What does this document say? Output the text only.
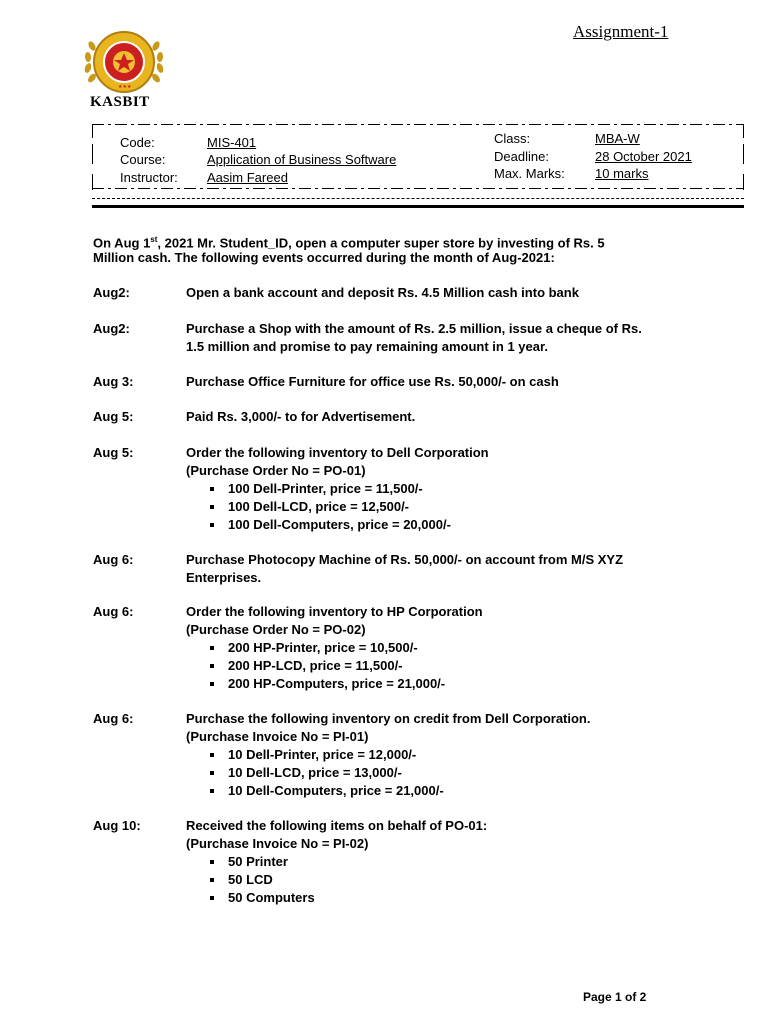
Assignment-1
★★★
KASBIT
Code:	MIS-401
Course:	Application of Business Software
Instructor: Aasim Fareed
Class:	MBA-W
Deadline:	28 October 2021
Max. Marks: 10 marks
On Aug 1st, 2021 Mr. Student_ID, open a computer super store by investing of Rs. 5
Million cash. The following events occurred during the month of Aug-2021:
Aug2:	Open a bank account and deposit Rs. 4.5 Million cash into bank
Aug2:	Purchase a Shop with the amount of Rs. 2.5 million, issue a cheque of Rs.
1.5 million and promise to pay remaining amount in 1 year.
Aug 3:	Purchase Office Furniture for office use Rs. 50,000/- on cash
Aug 5:	Paid Rs. 3,000/- to for Advertisement.
Aug 5:	Order the following inventory to Dell Corporation
(Purchase Order No = PO-01)
100 Dell-Printer, price = 11,500/-
100 Dell-LCD, price = 12,500/-
100 Dell-Computers, price = 20,000/-
Aug 6:	Purchase Photocopy Machine of Rs. 50,000/- on account from M/S XYZ
Enterprises.
Aug 6:	Order the following inventory to HP Corporation
(Purchase Order No = PO-02)
200 HP-Printer, price = 10,500/-
200 HP-LCD, price = 11,500/-
200 HP-Computers, price = 21,000/-
Aug 6:	Purchase the following inventory on credit from Dell Corporation.
(Purchase Invoice No = PI-01)
10 Dell-Printer, price = 12,000/-
10 Dell-LCD, price = 13,000/-
10 Dell-Computers, price = 21,000/-
Aug 10:	Received the following items on behalf of PO-01:
(Purchase Invoice No = PI-02)
50 Printer
50 LCD
50 Computers
Page 1 of 2
